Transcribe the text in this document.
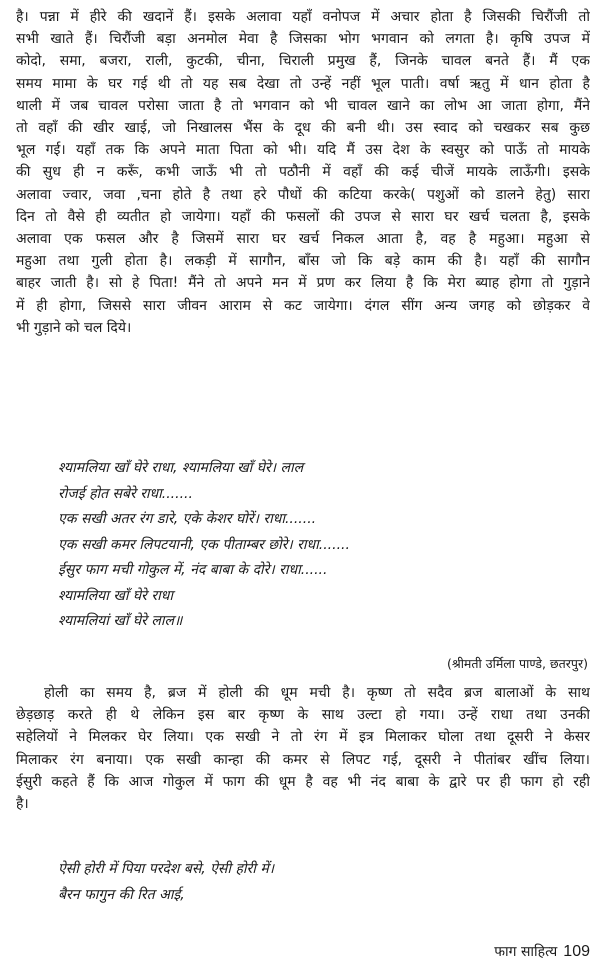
है। पन्ना में हीरे की खदानें हैं। इसके अलावा यहाँ वनोपज में अचार होता है जिसकी चिरौंजी तो
सभी खाते हैं। चिरौंजी बड़ा अनमोल मेवा है जिसका भोग भगवान को लगता है। कृषि उपज में
कोदो, समा, बजरा, राली, कुटकी, चीना, चिराली प्रमुख हैं, जिनके चावल बनते हैं। मैं एक
समय मामा के घर गई थी तो यह सब देखा तो उन्हें नहीं भूल पाती। वर्षा ऋतु में धान होता है
थाली में जब चावल परोसा जाता है तो भगवान को भी चावल खाने का लोभ आ जाता होगा, मैंने
तो वहाँ की खीर खाई, जो निखालस भैंस के दूध की बनी थी। उस स्वाद को चखकर सब कुछ
भूल गई। यहाँ तक कि अपने माता पिता को भी। यदि मैं उस देश के स्वसुर को पाऊँ तो मायके
की सुध ही न करूँ, कभी जाऊँ भी तो पठौनी में वहाँ की कई चीजें मायके लाऊँगी। इसके
अलावा ज्वार, जवा ,चना होते है तथा हरे पौधों की कटिया करके( पशुओं को डालने हेतु) सारा
दिन तो वैसे ही व्यतीत हो जायेगा। यहाँ की फसलों की उपज से सारा घर खर्च चलता है, इसके
अलावा एक फसल और है जिसमें सारा घर खर्च निकल आता है, वह है महुआ। महुआ से
महुआ तथा गुली होता है। लकड़ी में सागौन, बाँस जो कि बड़े काम की है। यहाँ की सागौन
बाहर जाती है। सो हे पिता! मैंने तो अपने मन में प्रण कर लिया है कि मेरा ब्याह होगा तो गुड़ाने
में ही होगा, जिससे सारा जीवन आराम से कट जायेगा। दंगल सींग अन्य जगह को छोड़कर वे
भी गुड़ाने को चल दिये।
श्यामलिया खाँ घेरे राधा, श्यामलिया खाँ घेरे। लाल
रोजई होत सबेरे राधा.......
एक सखी अतर रंग डारे, एके केशर घोरें। राधा.......
एक सखी कमर लिपटयानी, एक पीताम्बर छोरे। राधा.......
ईसुर फाग मची गोकुल में, नंद बाबा के दोरे। राधा......
श्यामलिया खाँ घेरे राधा
श्यामलियां खाँ घेरे लाल॥
(श्रीमती उर्मिला पाण्डे, छतरपुर)
होली का समय है, ब्रज में होली की धूम मची है। कृष्ण तो सदैव ब्रज बालाओं के साथ
छेड़छाड़ करते ही थे लेकिन इस बार कृष्ण के साथ उल्टा हो गया। उन्हें राधा तथा उनकी
सहेलियों ने मिलकर घेर लिया। एक सखी ने तो रंग में इत्र मिलाकर घोला तथा दूसरी ने केसर
मिलाकर रंग बनाया। एक सखी कान्हा की कमर से लिपट गई, दूसरी ने पीतांबर खींच लिया।
ईसुरी कहते हैं कि आज गोकुल में फाग की धूम है वह भी नंद बाबा के द्वारे पर ही फाग हो रही
है।
ऐसी होरी में पिया परदेश बसे, ऐसी होरी में।
बैरन फागुन की रित आई,
फाग साहित्य 109
